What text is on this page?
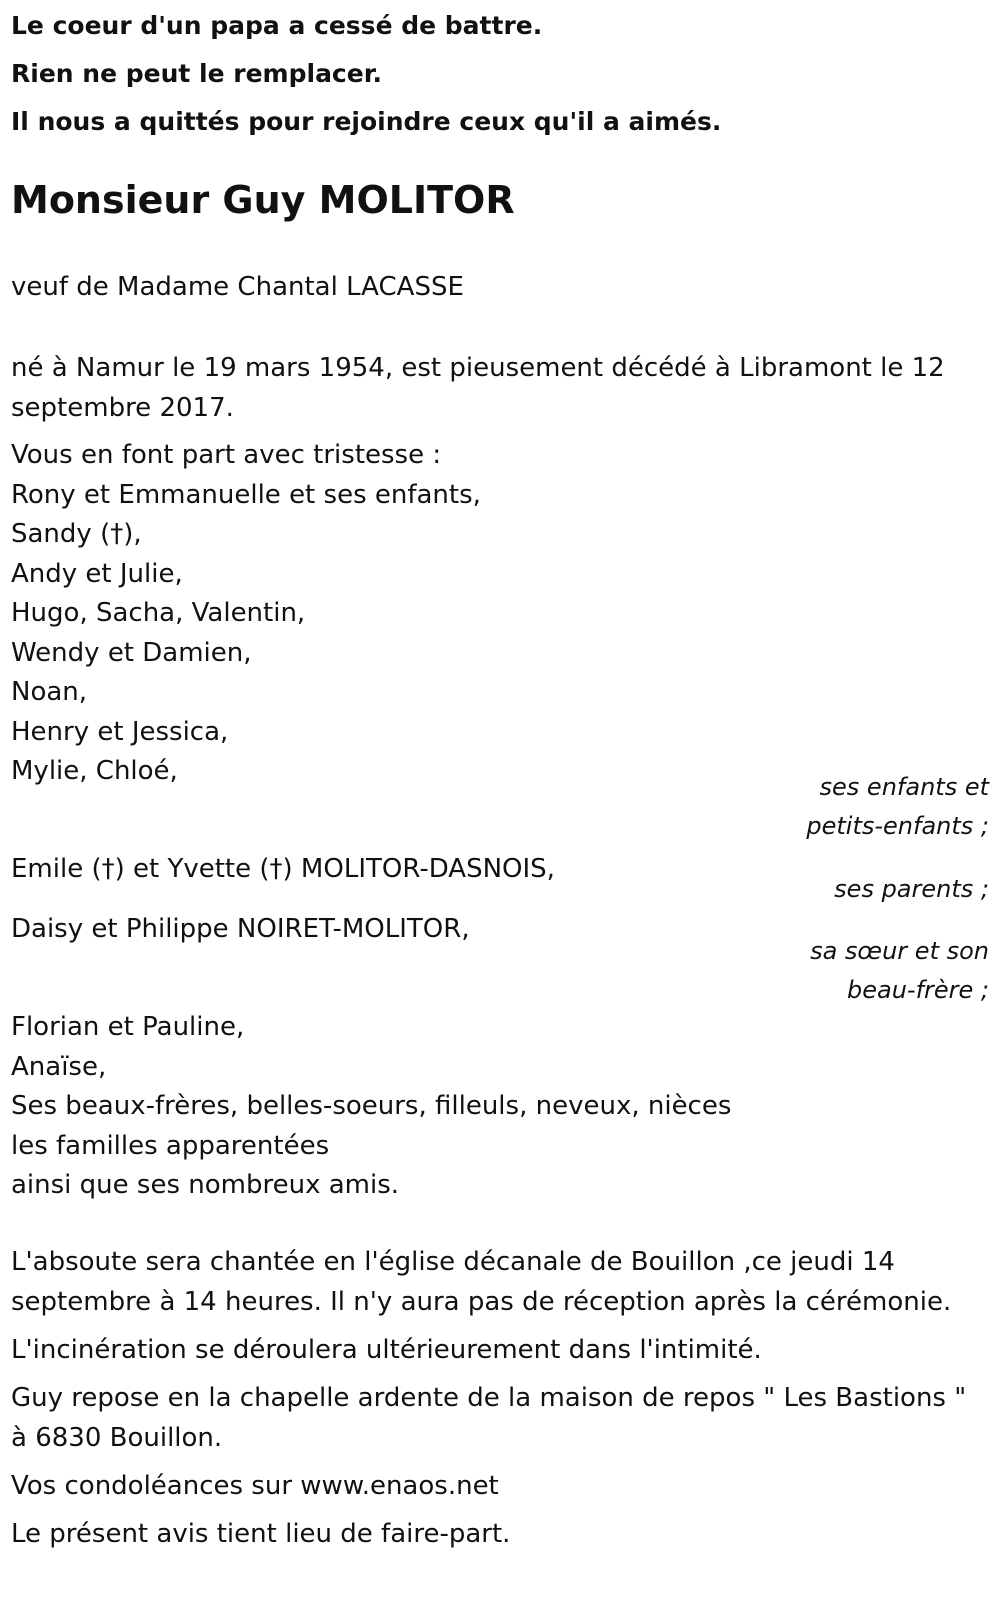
Le coeur d'un papa a cessé de battre.

Rien ne peut le remplacer.

Il nous a quittés pour rejoindre ceux qu'il a aimés.

Monsieur Guy MOLITOR

veuf de Madame Chantal LACASSE

né à Namur le 19 mars 1954, est pieusement décédé à Libramont le 12 septembre 2017.

Vous en font part avec tristesse :

Rony et Emmanuelle et ses enfants,

Sandy (†),

Andy et Julie,

Hugo, Sacha, Valentin,

Wendy et Damien,

Noan,

Henry et Jessica,

Mylie, Chloé,

ses enfants et

petits-enfants ;

Emile (†) et Yvette (†) MOLITOR-DASNOIS,

ses parents ;

Daisy et Philippe NOIRET-MOLITOR,

sa sœur et son

beau-frère ;

Florian et Pauline,

Anaïse,

Ses beaux-frères, belles-soeurs, filleuls, neveux, nièces

les familles apparentées

ainsi que ses nombreux amis.

L'absoute sera chantée en l'église décanale de Bouillon ,ce jeudi 14 septembre à 14 heures. Il n'y aura pas de réception après la cérémonie.

L'incinération se déroulera ultérieurement dans l'intimité.

Guy repose en la chapelle ardente de la maison de repos " Les Bastions " à 6830 Bouillon.

Vos condoléances sur www.enaos.net

Le présent avis tient lieu de faire-part.
